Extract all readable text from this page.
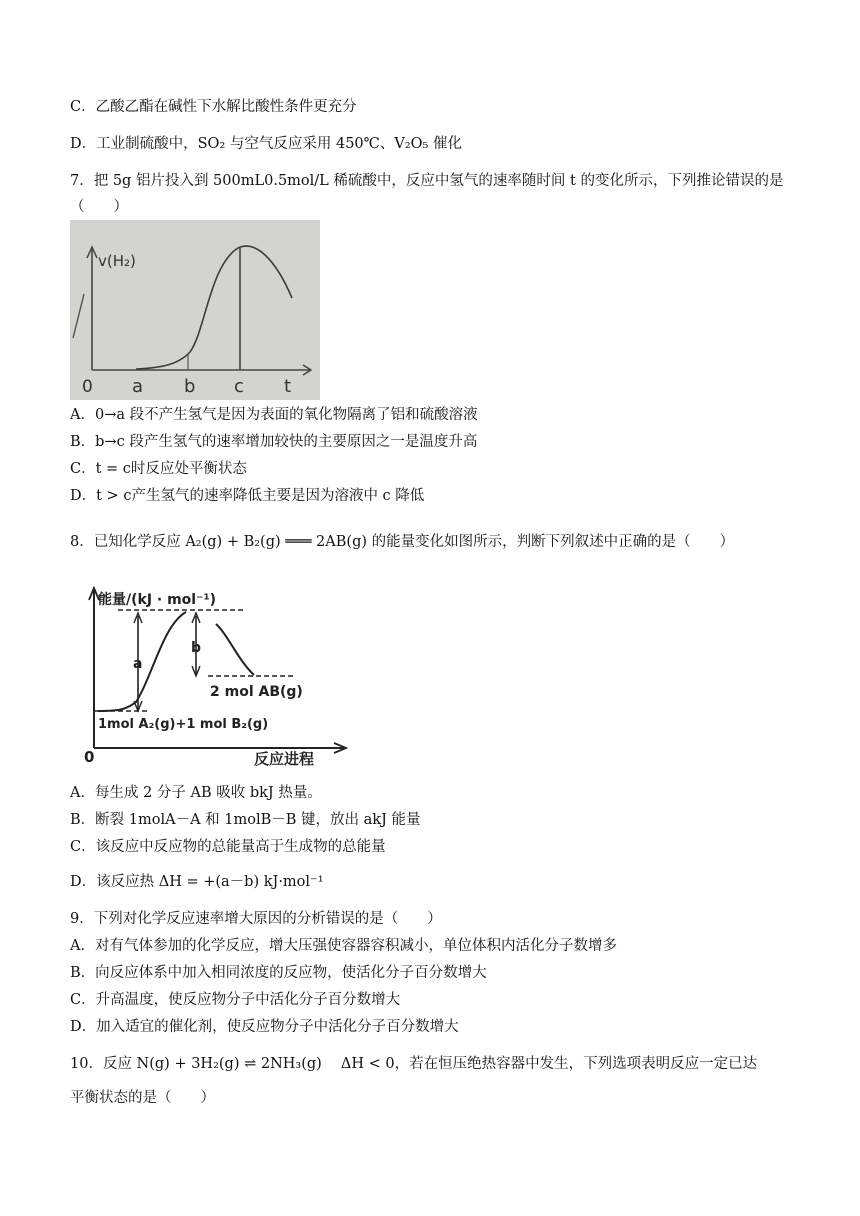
C．乙酸乙酯在碱性下水解比酸性条件更充分
D．工业制硫酸中，SO₂ 与空气反应采用 450℃、V₂O₅ 催化
7．把 5g 铝片投入到 500mL0.5mol/L 稀硫酸中，反应中氢气的速率随时间 t 的变化所示，下列推论错误的是
（　　）
v(H₂)
0 a b c t
A．0→a 段不产生氢气是因为表面的氧化物隔离了铝和硫酸溶液
B．b→c 段产生氢气的速率增加较快的主要原因之一是温度升高
C．t = c时反应处平衡状态
D．t > c产生氢气的速率降低主要是因为溶液中 c 降低
8．已知化学反应 A₂(g) + B₂(g) ═══ 2AB(g) 的能量变化如图所示，判断下列叙述中正确的是（　　）
能量/(kJ · mol⁻¹)
a
b
2 mol AB(g)
1mol A₂(g)+1 mol B₂(g)
0	反应进程
A．每生成 2 分子 AB 吸收 bkJ 热量。
B．断裂 1molA－A 和 1molB－B 键，放出 akJ 能量
C．该反应中反应物的总能量高于生成物的总能量
D．该反应热 ΔH = +(a－b) kJ·mol⁻¹
9．下列对化学反应速率增大原因的分析错误的是（　　）
A．对有气体参加的化学反应，增大压强使容器容积减小，单位体积内活化分子数增多
B．向反应体系中加入相同浓度的反应物，使活化分子百分数增大
C．升高温度，使反应物分子中活化分子百分数增大
D．加入适宜的催化剂，使反应物分子中活化分子百分数增大
10．反应 N(g) + 3H₂(g) ⇌ 2NH₃(g)　 ΔH < 0，若在恒压绝热容器中发生，下列选项表明反应一定已达
平衡状态的是（　　）
